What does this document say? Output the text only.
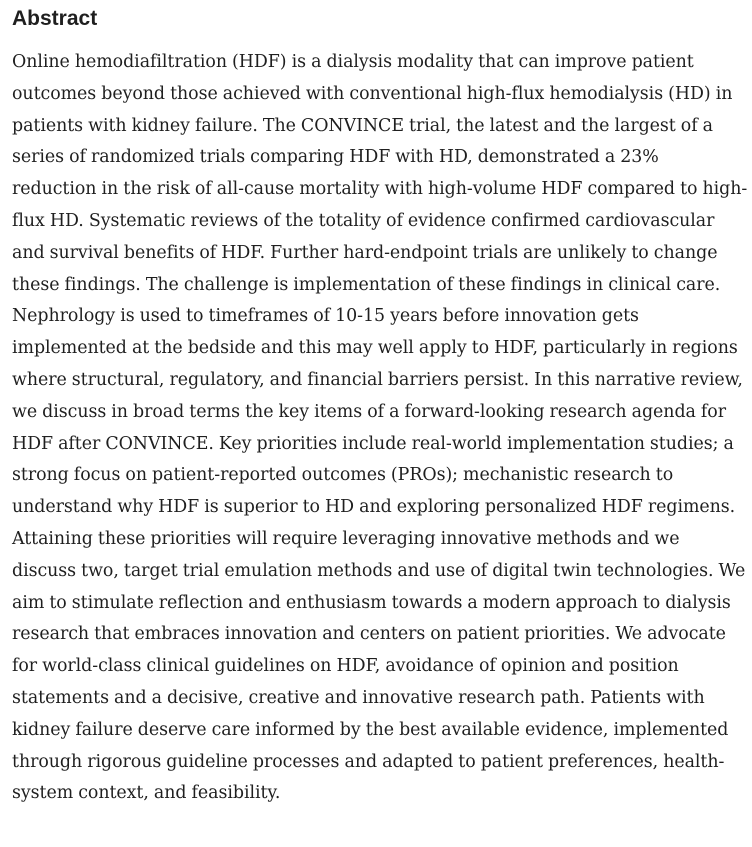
Abstract

Online hemodiafiltration (HDF) is a dialysis modality that can improve patient outcomes beyond those achieved with conventional high-flux hemodialysis (HD) in patients with kidney failure. The CONVINCE trial, the latest and the largest of a series of randomized trials comparing HDF with HD, demonstrated a 23% reduction in the risk of all-cause mortality with high-volume HDF compared to high-flux HD. Systematic reviews of the totality of evidence confirmed cardiovascular and survival benefits of HDF. Further hard-endpoint trials are unlikely to change these findings. The challenge is implementation of these findings in clinical care. Nephrology is used to timeframes of 10-15 years before innovation gets implemented at the bedside and this may well apply to HDF, particularly in regions where structural, regulatory, and financial barriers persist. In this narrative review, we discuss in broad terms the key items of a forward-looking research agenda for HDF after CONVINCE. Key priorities include real-world implementation studies; a strong focus on patient-reported outcomes (PROs); mechanistic research to understand why HDF is superior to HD and exploring personalized HDF regimens. Attaining these priorities will require leveraging innovative methods and we discuss two, target trial emulation methods and use of digital twin technologies. We aim to stimulate reflection and enthusiasm towards a modern approach to dialysis research that embraces innovation and centers on patient priorities. We advocate for world-class clinical guidelines on HDF, avoidance of opinion and position statements and a decisive, creative and innovative research path. Patients with kidney failure deserve care informed by the best available evidence, implemented through rigorous guideline processes and adapted to patient preferences, health-system context, and feasibility.
